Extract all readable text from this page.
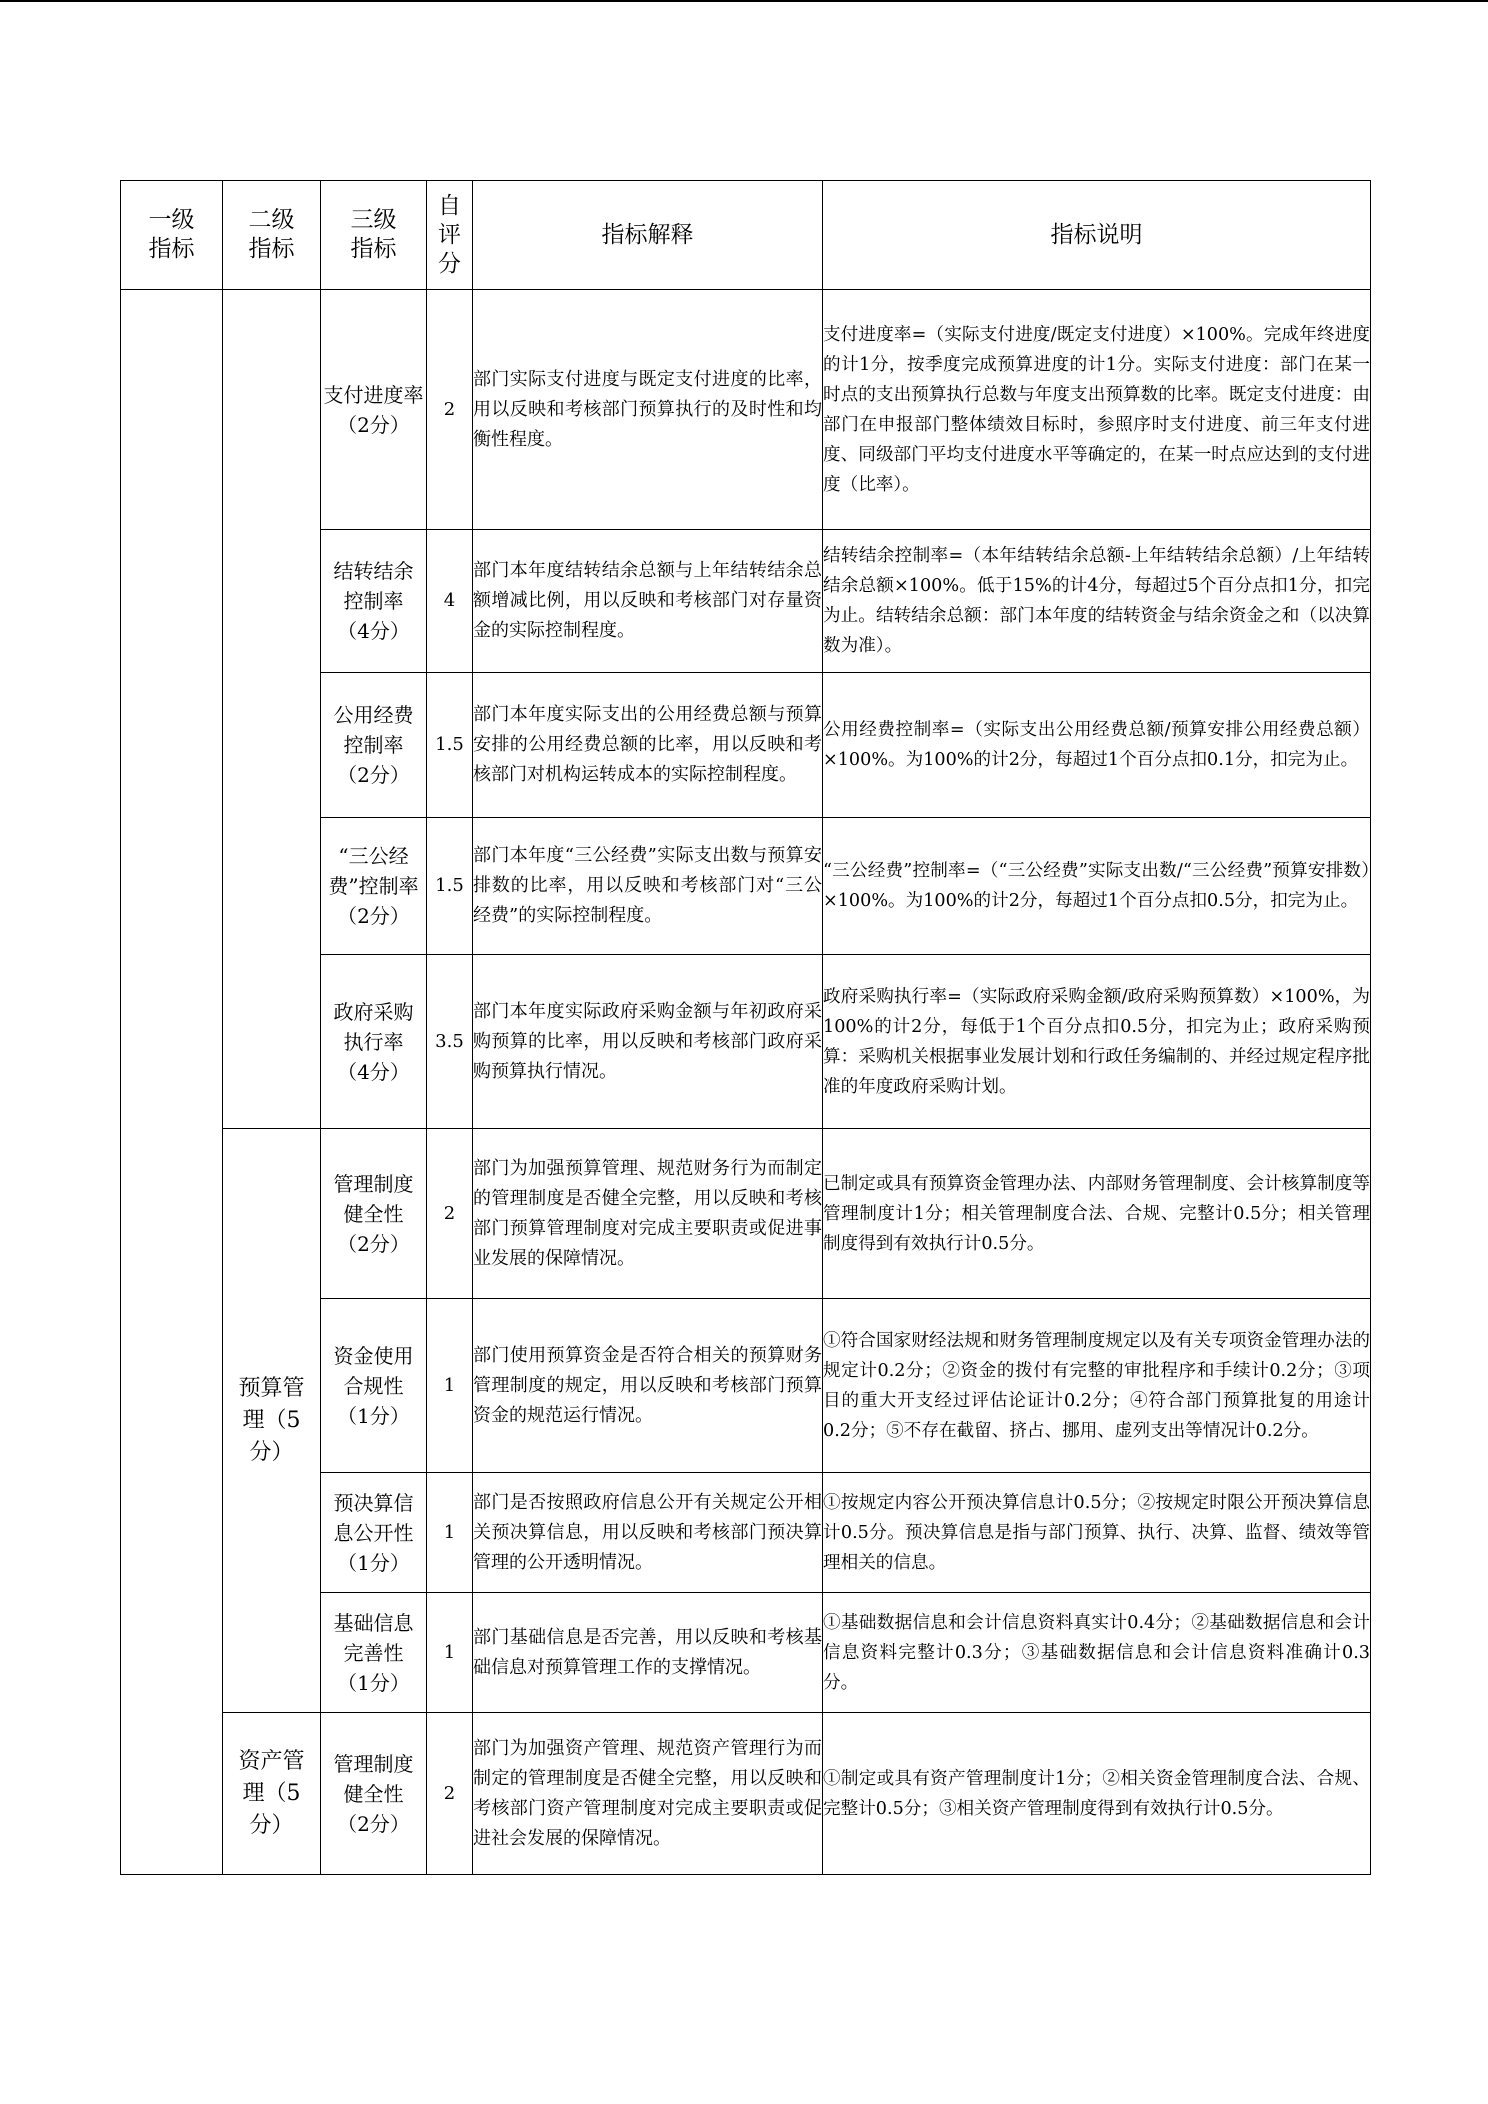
一级指标	二级指标	三级指标	自评分	指标解释	指标说明

		支付进度率（2分）	2	部门实际支付进度与既定支付进度的比率，用以反映和考核部门预算执行的及时性和均衡性程度。	支付进度率=（实际支付进度/既定支付进度）×100%。完成年终进度的计1分，按季度完成预算进度的计1分。实际支付进度：部门在某一时点的支出预算执行总数与年度支出预算数的比率。既定支付进度：由部门在申报部门整体绩效目标时，参照序时支付进度、前三年支付进度、同级部门平均支付进度水平等确定的，在某一时点应达到的支付进度（比率）。

		结转结余控制率（4分）	4	部门本年度结转结余总额与上年结转结余总额增减比例，用以反映和考核部门对存量资金的实际控制程度。	结转结余控制率=（本年结转结余总额-上年结转结余总额）/上年结转结余总额×100%。低于15%的计4分，每超过5个百分点扣1分，扣完为止。结转结余总额：部门本年度的结转资金与结余资金之和（以决算数为准）。

		公用经费控制率（2分）	1.5	部门本年度实际支出的公用经费总额与预算安排的公用经费总额的比率，用以反映和考核部门对机构运转成本的实际控制程度。	公用经费控制率=（实际支出公用经费总额/预算安排公用经费总额）×100%。为100%的计2分，每超过1个百分点扣0.1分，扣完为止。

		“三公经费”控制率（2分）	1.5	部门本年度“三公经费”实际支出数与预算安排数的比率，用以反映和考核部门对“三公经费”的实际控制程度。	“三公经费”控制率=（“三公经费”实际支出数/“三公经费”预算安排数）×100%。为100%的计2分，每超过1个百分点扣0.5分，扣完为止。

		政府采购执行率（4分）	3.5	部门本年度实际政府采购金额与年初政府采购预算的比率，用以反映和考核部门政府采购预算执行情况。	政府采购执行率=（实际政府采购金额/政府采购预算数）×100%，为100%的计2分，每低于1个百分点扣0.5分，扣完为止；政府采购预算：采购机关根据事业发展计划和行政任务编制的、并经过规定程序批准的年度政府采购计划。

	预算管理（5分）	管理制度健全性（2分）	2	部门为加强预算管理、规范财务行为而制定的管理制度是否健全完整，用以反映和考核部门预算管理制度对完成主要职责或促进事业发展的保障情况。	已制定或具有预算资金管理办法、内部财务管理制度、会计核算制度等管理制度计1分；相关管理制度合法、合规、完整计0.5分；相关管理制度得到有效执行计0.5分。

		资金使用合规性（1分）	1	部门使用预算资金是否符合相关的预算财务管理制度的规定，用以反映和考核部门预算资金的规范运行情况。	①符合国家财经法规和财务管理制度规定以及有关专项资金管理办法的规定计0.2分；②资金的拨付有完整的审批程序和手续计0.2分；③项目的重大开支经过评估论证计0.2分；④符合部门预算批复的用途计0.2分；⑤不存在截留、挤占、挪用、虚列支出等情况计0.2分。

		预决算信息公开性（1分）	1	部门是否按照政府信息公开有关规定公开相关预决算信息，用以反映和考核部门预决算管理的公开透明情况。	①按规定内容公开预决算信息计0.5分；②按规定时限公开预决算信息计0.5分。预决算信息是指与部门预算、执行、决算、监督、绩效等管理相关的信息。

		基础信息完善性（1分）	1	部门基础信息是否完善，用以反映和考核基础信息对预算管理工作的支撑情况。	①基础数据信息和会计信息资料真实计0.4分；②基础数据信息和会计信息资料完整计0.3分；③基础数据信息和会计信息资料准确计0.3分。

	资产管理（5分）	管理制度健全性（2分）	2	部门为加强资产管理、规范资产管理行为而制定的管理制度是否健全完整，用以反映和考核部门资产管理制度对完成主要职责或促进社会发展的保障情况。	①制定或具有资产管理制度计1分；②相关资金管理制度合法、合规、完整计0.5分；③相关资产管理制度得到有效执行计0.5分。
